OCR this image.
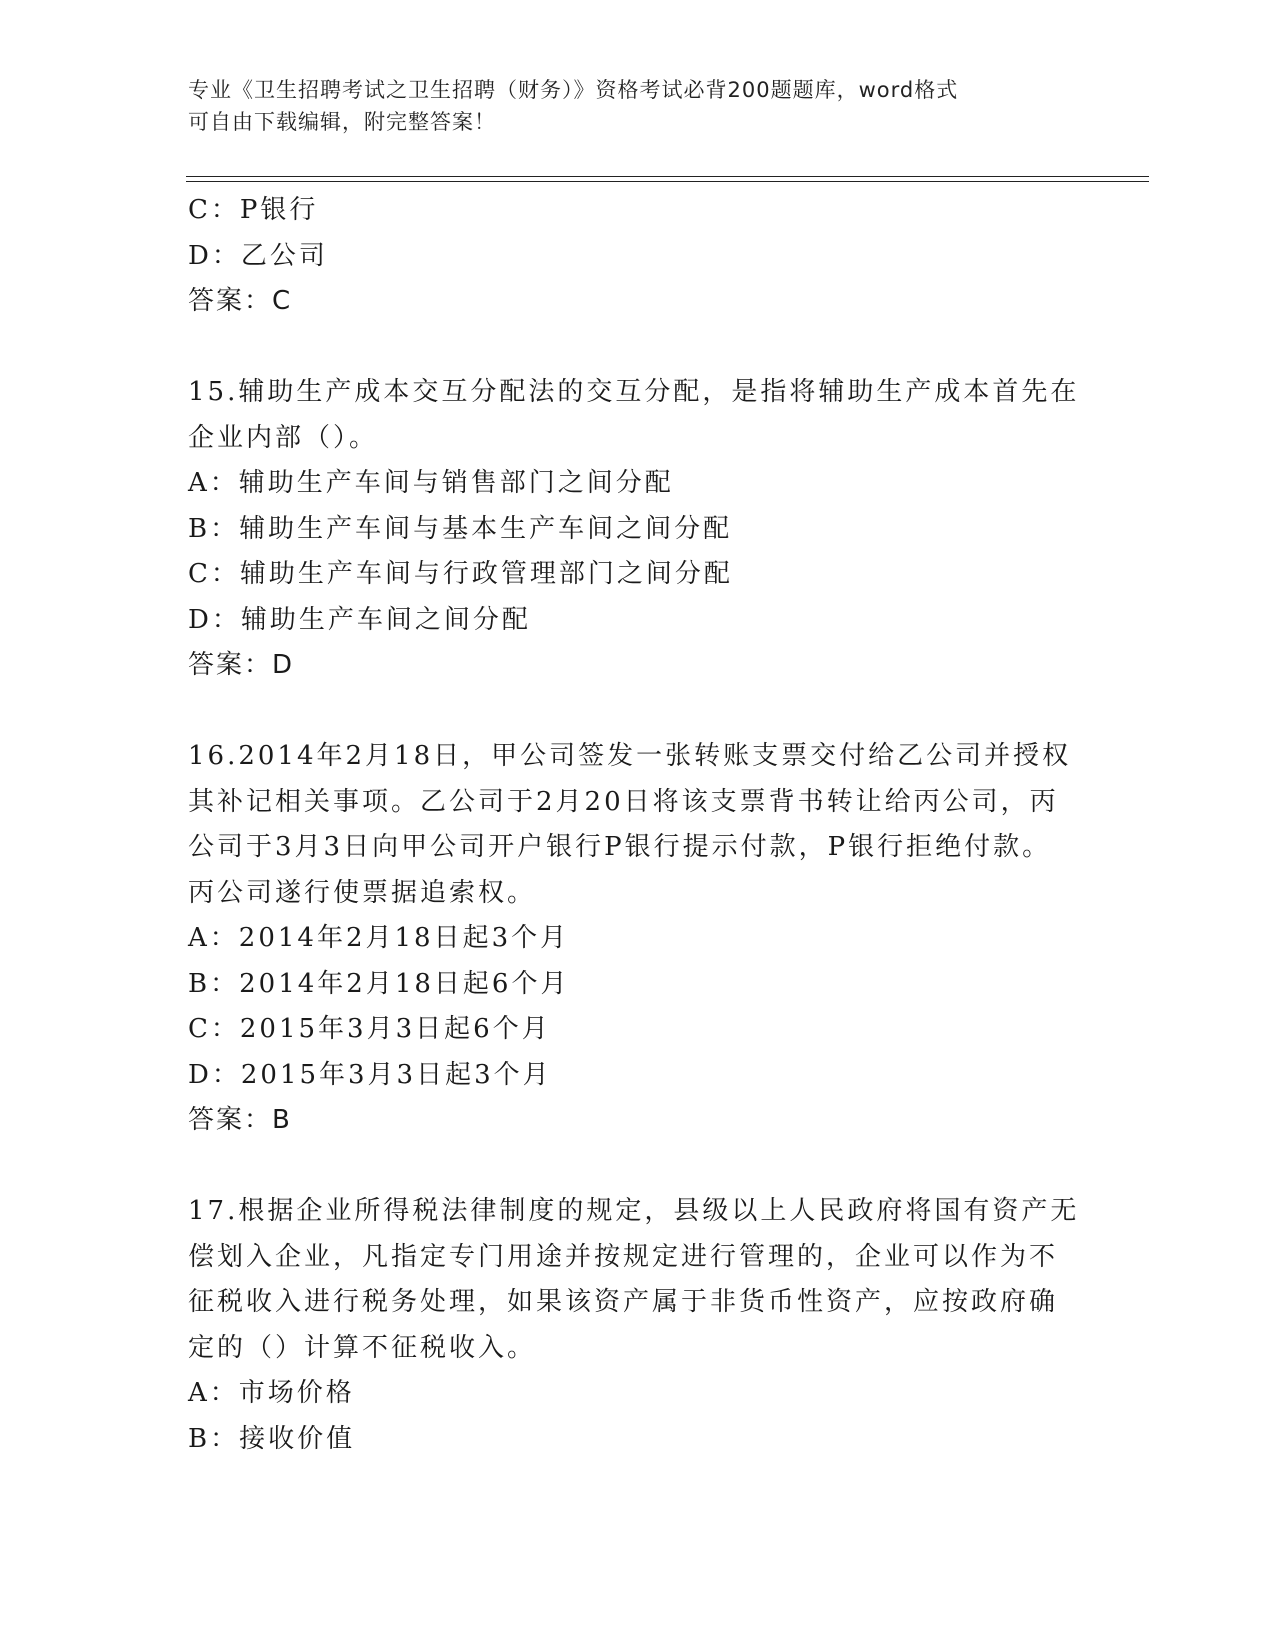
专业《卫生招聘考试之卫生招聘（财务）》资格考试必背200题题库，word格式
可自由下载编辑，附完整答案！
C：P银行
D：乙公司
答案：C
15.辅助生产成本交互分配法的交互分配，是指将辅助生产成本首先在
企业内部（）。
A：辅助生产车间与销售部门之间分配
B：辅助生产车间与基本生产车间之间分配
C：辅助生产车间与行政管理部门之间分配
D：辅助生产车间之间分配
答案：D
16.2014年2月18日，甲公司签发一张转账支票交付给乙公司并授权
其补记相关事项。乙公司于2月20日将该支票背书转让给丙公司，丙
公司于3月3日向甲公司开户银行P银行提示付款，P银行拒绝付款。
丙公司遂行使票据追索权。
A：2014年2月18日起3个月
B：2014年2月18日起6个月
C：2015年3月3日起6个月
D：2015年3月3日起3个月
答案：B
17.根据企业所得税法律制度的规定，县级以上人民政府将国有资产无
偿划入企业，凡指定专门用途并按规定进行管理的，企业可以作为不
征税收入进行税务处理，如果该资产属于非货币性资产，应按政府确
定的（）计算不征税收入。
A：市场价格
B：接收价值
